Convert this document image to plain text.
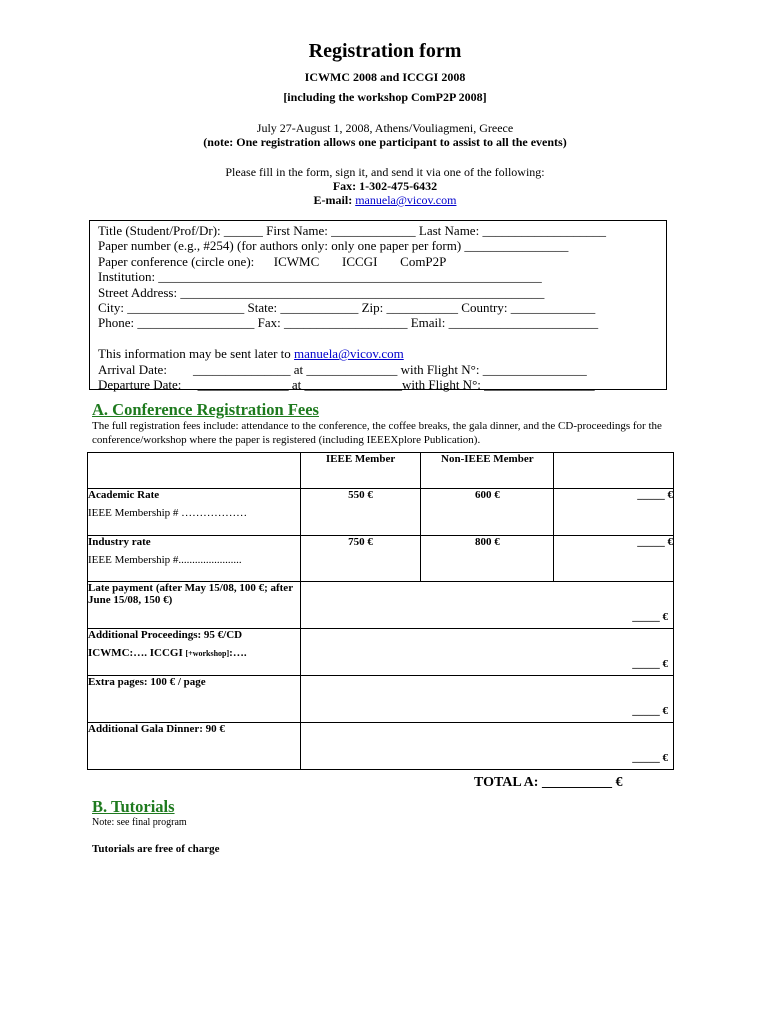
Registration form
ICWMC 2008 and ICCGI 2008
[including the workshop ComP2P 2008]
July 27-August 1, 2008, Athens/Vouliagmeni, Greece
(note: One registration allows one participant to assist to all the events)
Please fill in the form, sign it, and send it via one of the following:
Fax: 1-302-475-6432
E-mail: manuela@vicov.com
Title (Student/Prof/Dr): ______ First Name: _____________ Last Name: ___________________
Paper number (e.g., #254) (for authors only: only one paper per form) ________________
Paper conference (circle one):      ICWMC       ICCGI       ComP2P
Institution: ___________________________________________________________
Street Address: ________________________________________________________
City: __________________ State: ____________ Zip: ___________ Country: _____________
Phone: __________________ Fax: ___________________ Email: _______________________
This information may be sent later to manuela@vicov.com
Arrival Date:        _______________ at ______________ with Flight N°: ________________
Departure Date:     ______________ at _______________with Flight N°: _________________
A. Conference Registration Fees
The full registration fees include: attendance to the conference, the coffee breaks, the gala dinner, and the CD-proceedings for the conference/workshop where the paper is registered (including IEEEXplore Publication).
	IEEE Member	Non-IEEE Member	

Academic Rate
IEEE Membership # ………………	550 €	600 €	_____ €

Industry rate
IEEE Membership #.......................	750 €	800 €	_____ €
Late payment (after May 15/08, 100 €; after June 15/08, 150 €)	_____ €		

Additional Proceedings: 95 €/CD
ICWMC:…. ICCGI [+workshop]:….	_____ €		

Extra pages: 100 € / page	_____ €		

Additional Gala Dinner: 90 €	_____ €		
TOTAL A: __________ €
B. Tutorials
Note: see final program
Tutorials are free of charge
